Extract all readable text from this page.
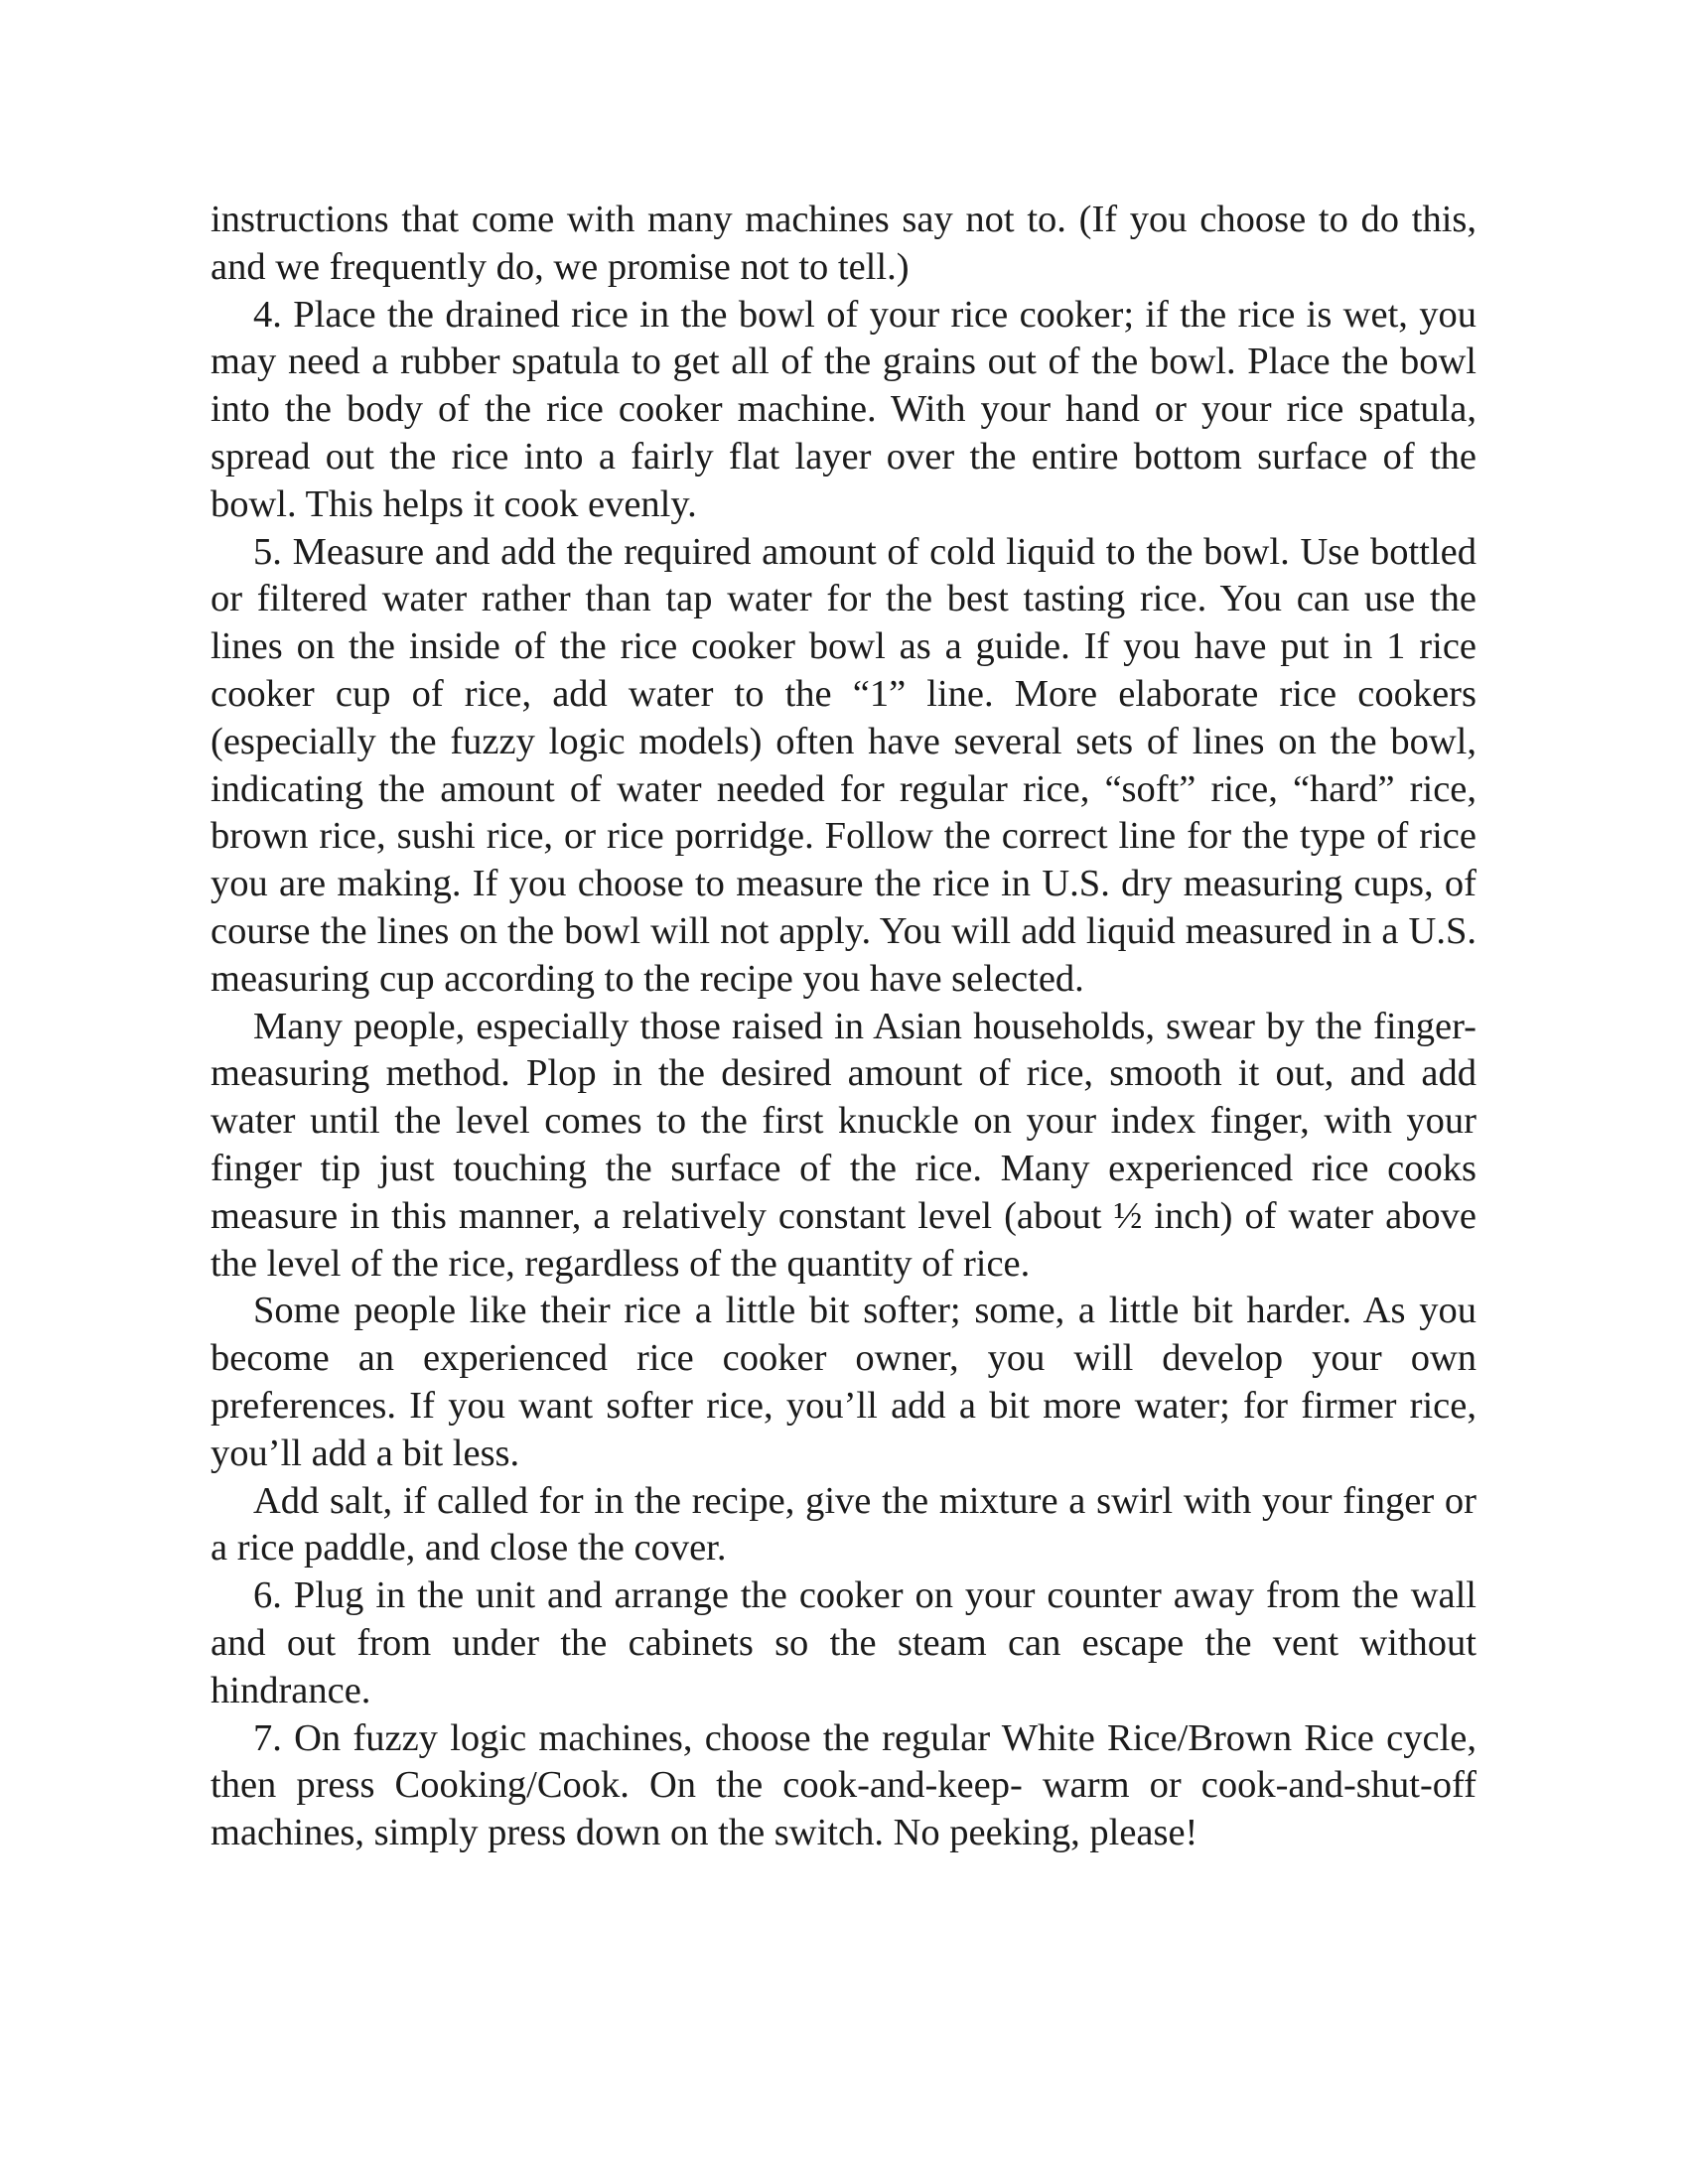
instructions that come with many machines say not to. (If you choose to do this, and we frequently do, we promise not to tell.)

4. Place the drained rice in the bowl of your rice cooker; if the rice is wet, you may need a rubber spatula to get all of the grains out of the bowl. Place the bowl into the body of the rice cooker machine. With your hand or your rice spatula, spread out the rice into a fairly flat layer over the entire bottom surface of the bowl. This helps it cook evenly.

5. Measure and add the required amount of cold liquid to the bowl. Use bottled or filtered water rather than tap water for the best tasting rice. You can use the lines on the inside of the rice cooker bowl as a guide. If you have put in 1 rice cooker cup of rice, add water to the “1” line. More elaborate rice cookers (especially the fuzzy logic models) often have several sets of lines on the bowl, indicating the amount of water needed for regular rice, “soft” rice, “hard” rice, brown rice, sushi rice, or rice porridge. Follow the correct line for the type of rice you are making. If you choose to measure the rice in U.S. dry measuring cups, of course the lines on the bowl will not apply. You will add liquid measured in a U.S. measuring cup according to the recipe you have selected.

Many people, especially those raised in Asian households, swear by the finger-measuring method. Plop in the desired amount of rice, smooth it out, and add water until the level comes to the first knuckle on your index finger, with your finger tip just touching the surface of the rice. Many experienced rice cooks measure in this manner, a relatively constant level (about ½ inch) of water above the level of the rice, regardless of the quantity of rice.

Some people like their rice a little bit softer; some, a little bit harder. As you become an experienced rice cooker owner, you will develop your own preferences. If you want softer rice, you’ll add a bit more water; for firmer rice, you’ll add a bit less.

Add salt, if called for in the recipe, give the mixture a swirl with your finger or a rice paddle, and close the cover.

6. Plug in the unit and arrange the cooker on your counter away from the wall and out from under the cabinets so the steam can escape the vent without hindrance.

7. On fuzzy logic machines, choose the regular White Rice/Brown Rice cycle, then press Cooking/Cook. On the cook-and-keep- warm or cook-and-shut-off machines, simply press down on the switch. No peeking, please!
